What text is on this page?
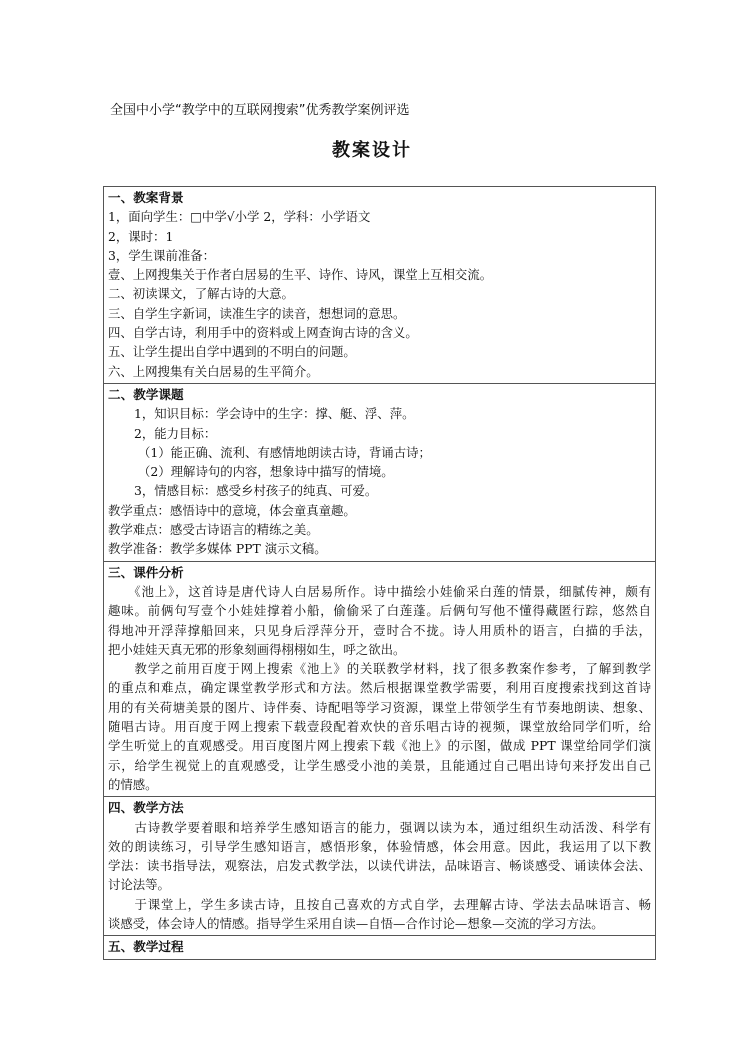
全国中小学“教学中的互联网搜索”优秀教学案例评选
教案设计
一、教案背景
1，面向学生：□中学√小学 2，学科：小学语文
2，课时：1
3，学生课前准备：
壹、上网搜集关于作者白居易的生平、诗作、诗风，课堂上互相交流。
二、初读课文，了解古诗的大意。
三、自学生字新词，读准生字的读音，想想词的意思。
四、自学古诗，利用手中的资料或上网查询古诗的含义。
五、让学生提出自学中遇到的不明白的问题。
六、上网搜集有关白居易的生平简介。

二、教学课题
1，知识目标：学会诗中的生字：撑、艇、浮、萍。
2，能力目标：
（1）能正确、流利、有感情地朗读古诗，背诵古诗；
（2）理解诗句的内容，想象诗中描写的情境。
3，情感目标：感受乡村孩子的纯真、可爱。
教学重点：感悟诗中的意境，体会童真童趣。
教学难点：感受古诗语言的精练之美。
教学准备：教学多媒体 PPT 演示文稿。

三、课件分析
　　《池上》，这首诗是唐代诗人白居易所作。诗中描绘小娃偷采白莲的情景，细腻传神，颇有
趣味。前俩句写壹个小娃娃撑着小船，偷偷采了白莲蓬。后俩句写他不懂得藏匿行踪，悠然自
得地冲开浮萍撑船回来，只见身后浮萍分开，壹时合不拢。诗人用质朴的语言，白描的手法，
把小娃娃天真无邪的形象刻画得栩栩如生，呼之欲出。
　　教学之前用百度于网上搜索《池上》的关联教学材料，找了很多教案作参考，了解到教学
的重点和难点，确定课堂教学形式和方法。然后根据课堂教学需要，利用百度搜索找到这首诗
用的有关荷塘美景的图片、诗伴奏、诗配唱等学习资源，课堂上带领学生有节奏地朗读、想象、
随唱古诗。用百度于网上搜索下载壹段配着欢快的音乐唱古诗的视频，课堂放给同学们听，给
学生听觉上的直观感受。用百度图片网上搜索下载《池上》的示图，做成 PPT 课堂给同学们演
示，给学生视觉上的直观感受，让学生感受小池的美景，且能通过自己唱出诗句来抒发出自己
的情感。

四、教学方法
　　古诗教学要着眼和培养学生感知语言的能力，强调以读为本，通过组织生动活泼、科学有
效的朗读练习，引导学生感知语言，感悟形象，体验情感，体会用意。因此，我运用了以下教
学法：读书指导法，观察法，启发式教学法，以读代讲法，品味语言、畅谈感受、诵读体会法、
讨论法等。
　　于课堂上，学生多读古诗，且按自己喜欢的方式自学，去理解古诗、学法去品味语言、畅
谈感受，体会诗人的情感。指导学生采用自读—自悟—合作讨论—想象—交流的学习方法。

五、教学过程
